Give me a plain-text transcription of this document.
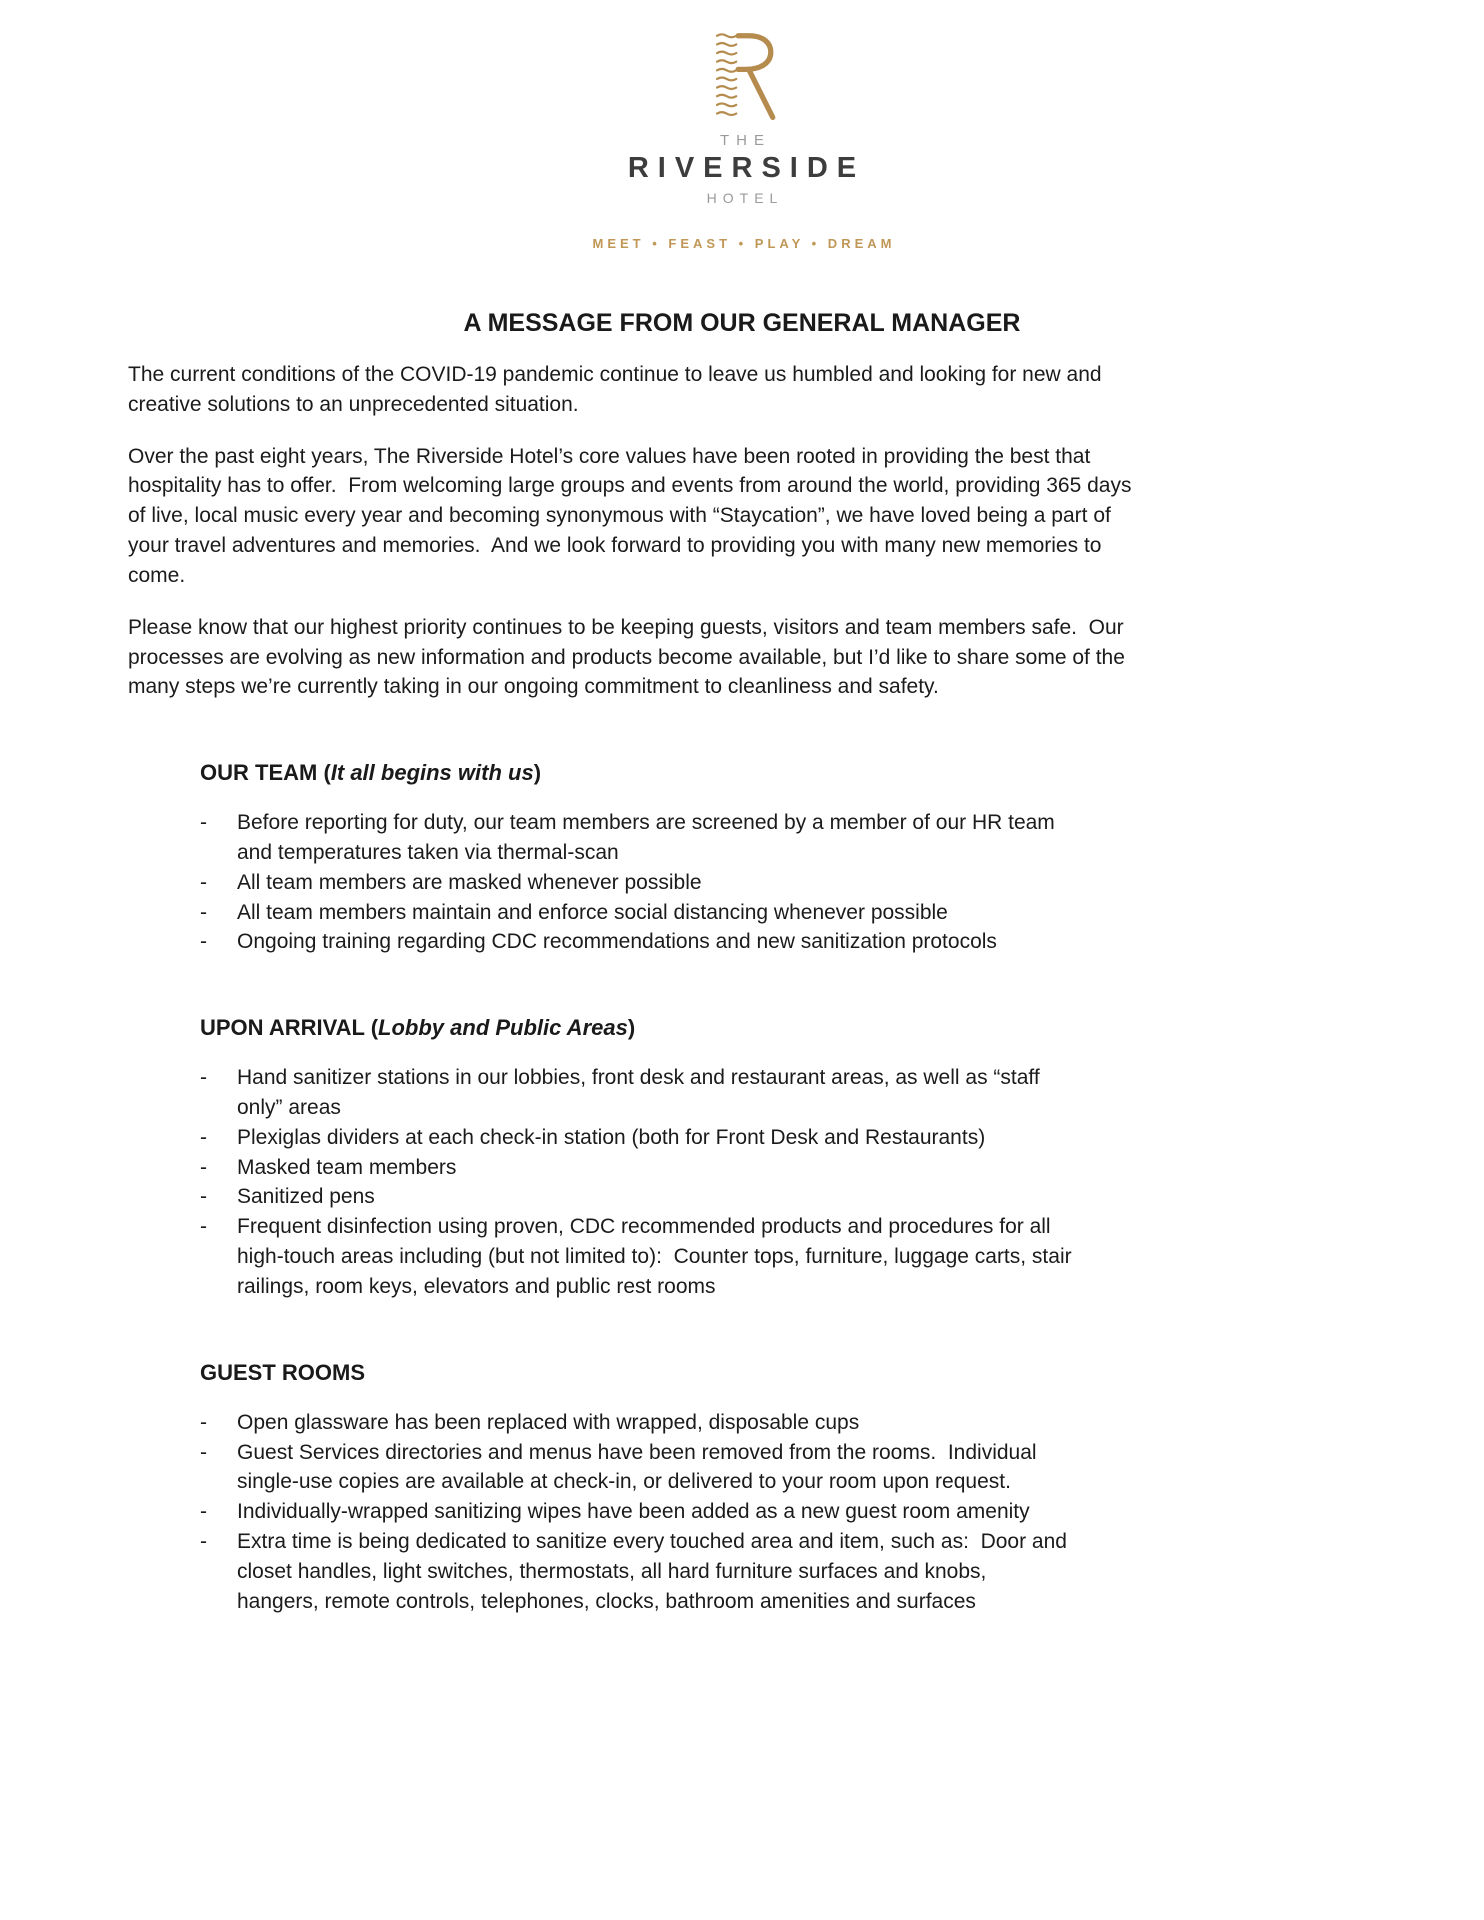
THE
RIVERSIDE
HOTEL
MEET • FEAST • PLAY • DREAM
A MESSAGE FROM OUR GENERAL MANAGER

The current conditions of the COVID-19 pandemic continue to leave us humbled and looking for new and creative solutions to an unprecedented situation.

Over the past eight years, The Riverside Hotel’s core values have been rooted in providing the best that hospitality has to offer.  From welcoming large groups and events from around the world, providing 365 days of live, local music every year and becoming synonymous with “Staycation”, we have loved being a part of your travel adventures and memories.  And we look forward to providing you with many new memories to come.

Please know that our highest priority continues to be keeping guests, visitors and team members safe.  Our processes are evolving as new information and products become available, but I’d like to share some of the many steps we’re currently taking in our ongoing commitment to cleanliness and safety.

OUR TEAM (It all begins with us)
-	Before reporting for duty, our team members are screened by a member of our HR team and temperatures taken via thermal-scan
-	All team members are masked whenever possible
-	All team members maintain and enforce social distancing whenever possible
-	Ongoing training regarding CDC recommendations and new sanitization protocols
UPON ARRIVAL (Lobby and Public Areas)
-	Hand sanitizer stations in our lobbies, front desk and restaurant areas, as well as “staff only” areas
-	Plexiglas dividers at each check-in station (both for Front Desk and Restaurants)
-	Masked team members
-	Sanitized pens
-	Frequent disinfection using proven, CDC recommended products and procedures for all high-touch areas including (but not limited to):  Counter tops, furniture, luggage carts, stair railings, room keys, elevators and public rest rooms
GUEST ROOMS
-	Open glassware has been replaced with wrapped, disposable cups
-	Guest Services directories and menus have been removed from the rooms.  Individual single-use copies are available at check-in, or delivered to your room upon request.
-	Individually-wrapped sanitizing wipes have been added as a new guest room amenity
-	Extra time is being dedicated to sanitize every touched area and item, such as:  Door and closet handles, light switches, thermostats, all hard furniture surfaces and knobs, hangers, remote controls, telephones, clocks, bathroom amenities and surfaces
